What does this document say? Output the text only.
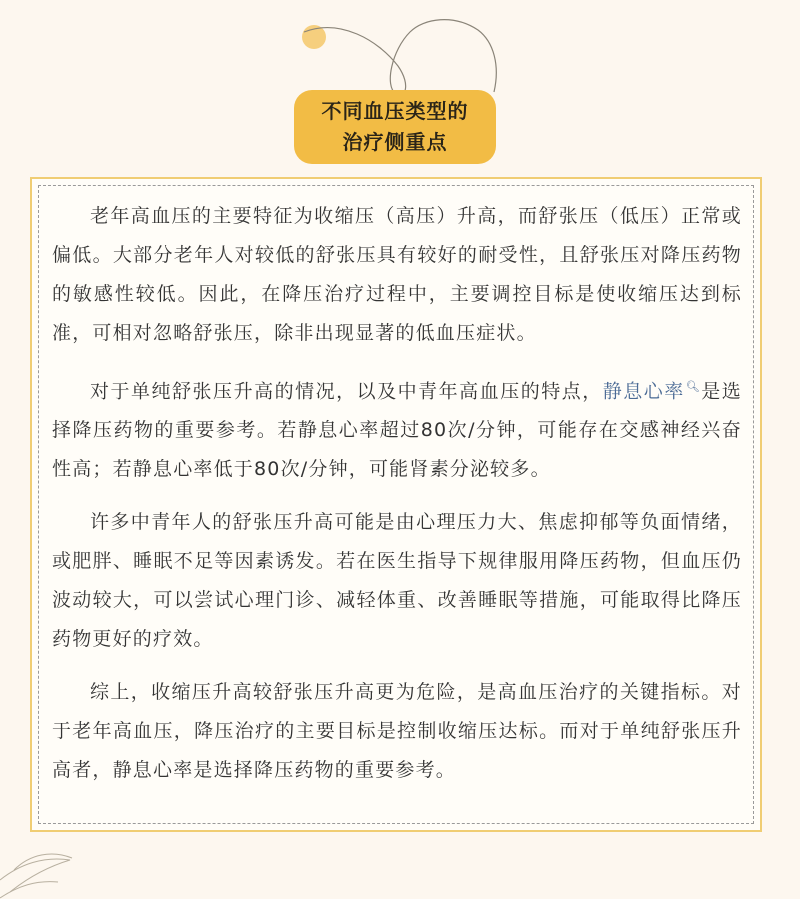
不同血压类型的
治疗侧重点

老年高血压的主要特征为收缩压（高压）升高，而舒张压（低压）正常或偏低。大部分老年人对较低的舒张压具有较好的耐受性，且舒张压对降压药物的敏感性较低。因此，在降压治疗过程中，主要调控目标是使收缩压达到标准，可相对忽略舒张压，除非出现显著的低血压症状。

对于单纯舒张压升高的情况，以及中青年高血压的特点，静息心率🔍︎是选择降压药物的重要参考。若静息心率超过80次/分钟，可能存在交感神经兴奋性高；若静息心率低于80次/分钟，可能肾素分泌较多。

许多中青年人的舒张压升高可能是由心理压力大、焦虑抑郁等负面情绪，或肥胖、睡眠不足等因素诱发。若在医生指导下规律服用降压药物，但血压仍波动较大，可以尝试心理门诊、减轻体重、改善睡眠等措施，可能取得比降压药物更好的疗效。

综上，收缩压升高较舒张压升高更为危险，是高血压治疗的关键指标。对于老年高血压，降压治疗的主要目标是控制收缩压达标。而对于单纯舒张压升高者，静息心率是选择降压药物的重要参考。
